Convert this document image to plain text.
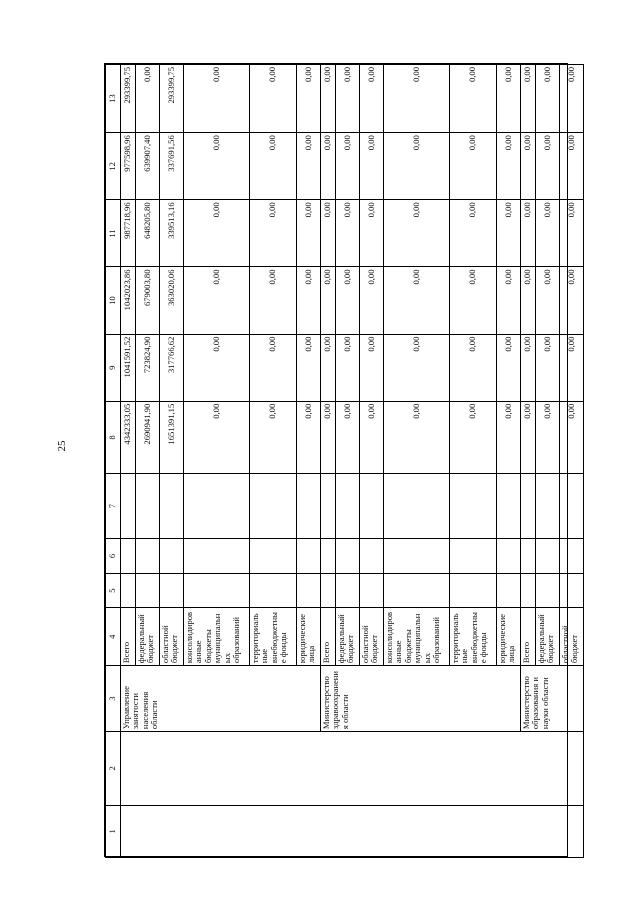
25
1	2	3	4	5	6	7	8	9	10	11	12	13
		Управление занятости населения области	Всего				4342333,05	1041591,52	1042023,86	987718,96	977598,96	293399,75
			федеральный бюджет				2690941,90	723824,90	679003,80	648205,80	639907,40	0,00
			областной бюджет				1651391,15	317766,62	363020,06	339513,16	337691,56	293399,75
			консолидированные бюджеты муниципальных образований				0,00	0,00	0,00	0,00	0,00	0,00
			территориальные внебюджетные фонды				0,00	0,00	0,00	0,00	0,00	0,00
			юридические лица				0,00	0,00	0,00	0,00	0,00	0,00
		Министерство здравоохранения области	Всего				0,00	0,00	0,00	0,00	0,00	0,00
			федеральный бюджет				0,00	0,00	0,00	0,00	0,00	0,00
			областной бюджет				0,00	0,00	0,00	0,00	0,00	0,00
			консолидированные бюджеты муниципальных образований				0,00	0,00	0,00	0,00	0,00	0,00
			территориальные внебюджетные фонды				0,00	0,00	0,00	0,00	0,00	0,00
			юридические лица				0,00	0,00	0,00	0,00	0,00	0,00
		Министерство образования и науки области	Всего				0,00	0,00	0,00	0,00	0,00	0,00
			федеральный бюджет				0,00	0,00	0,00	0,00	0,00	0,00
			областной бюджет				0,00	0,00	0,00	0,00	0,00	0,00
